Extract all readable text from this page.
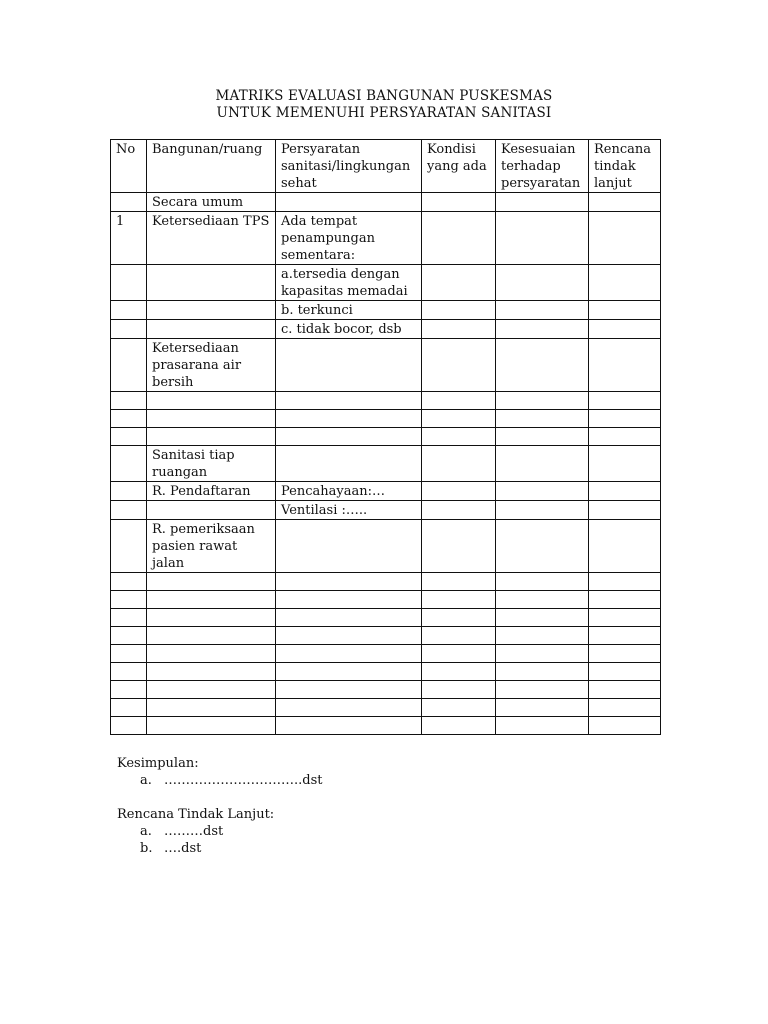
MATRIKS EVALUASI BANGUNAN PUSKESMAS
UNTUK MEMENUHI PERSYARATAN SANITASI
No	Bangunan/ruang	Persyaratan sanitasi/lingkungan sehat	Kondisi yang ada	Kesesuaian terhadap persyaratan	Rencana tindak lanjut
	Secara umum				
1	Ketersediaan TPS	Ada tempat penampungan sementara:			
		a.tersedia dengan kapasitas memadai			
		b. terkunci			
		c. tidak bocor, dsb			
	Ketersediaan prasarana air bersih				

	Sanitasi tiap ruangan				
	R. Pendaftaran	Pencahayaan:…			
		Ventilasi :…..			
	R. pemeriksaan pasien rawat jalan				

Kesimpulan:
a. …………………………..dst
Rencana Tindak Lanjut:
a. ………dst
b. ….dst
